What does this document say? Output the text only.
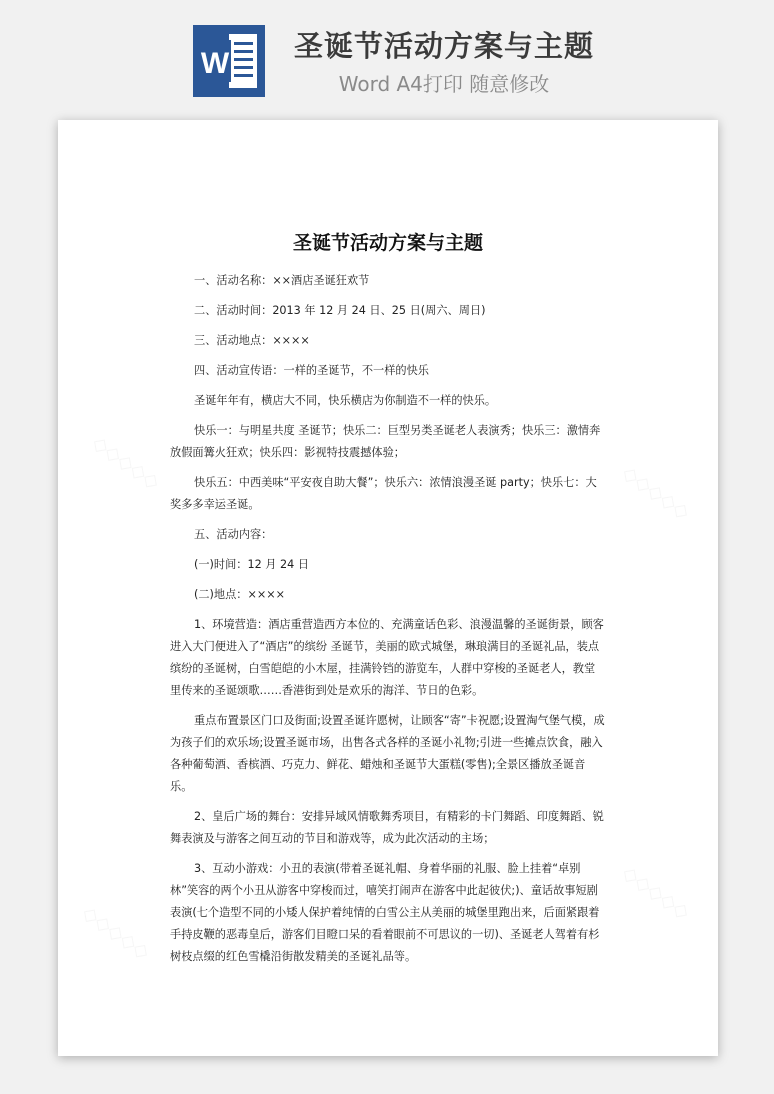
W
圣诞节活动方案与主题
Word A4打印 随意修改
圣诞节活动方案与主题

一、活动名称：××酒店圣诞狂欢节

二、活动时间：2013 年 12 月 24 日、25 日(周六、周日)

三、活动地点：××××

四、活动宣传语：一样的圣诞节，不一样的快乐

圣诞年年有，横店大不同，快乐横店为你制造不一样的快乐。

快乐一：与明星共度 圣诞节；快乐二：巨型另类圣诞老人表演秀；快乐三：激情奔放假面篝火狂欢；快乐四：影视特技震撼体验；

快乐五：中西美味“平安夜自助大餐”；快乐六：浓情浪漫圣诞 party；快乐七：大奖多多幸运圣诞。

五、活动内容：

(一)时间：12 月 24 日

(二)地点：××××

1、环境营造：酒店重营造西方本位的、充满童话色彩、浪漫温馨的圣诞街景，顾客进入大门便进入了“酒店”的缤纷 圣诞节，美丽的欧式城堡，琳琅满目的圣诞礼品，装点缤纷的圣诞树，白雪皑皑的小木屋，挂满铃铛的游览车，人群中穿梭的圣诞老人，教堂里传来的圣诞颂歌……香港街到处是欢乐的海洋、节日的色彩。

重点布置景区门口及街面;设置圣诞许愿树，让顾客“寄”卡祝愿;设置淘气堡气模，成为孩子们的欢乐场;设置圣诞市场，出售各式各样的圣诞小礼物;引进一些摊点饮食，融入各种葡萄酒、香槟酒、巧克力、鲜花、蜡烛和圣诞节大蛋糕(零售);全景区播放圣诞音乐。

2、皇后广场的舞台：安排异域风情歌舞秀项目，有精彩的卡门舞蹈、印度舞蹈、锐舞表演及与游客之间互动的节目和游戏等，成为此次活动的主场；

3、互动小游戏：小丑的表演(带着圣诞礼帽、身着华丽的礼服、脸上挂着“卓别林”笑容的两个小丑从游客中穿梭而过，嘻笑打闹声在游客中此起彼伏;)、童话故事短剧表演(七个造型不同的小矮人保护着纯情的白雪公主从美丽的城堡里跑出来，后面紧跟着手持皮鞭的恶毒皇后，游客们目瞪口呆的看着眼前不可思议的一切)、圣诞老人驾着有杉树枝点缀的红色雪橇沿街散发精美的圣诞礼品等。
